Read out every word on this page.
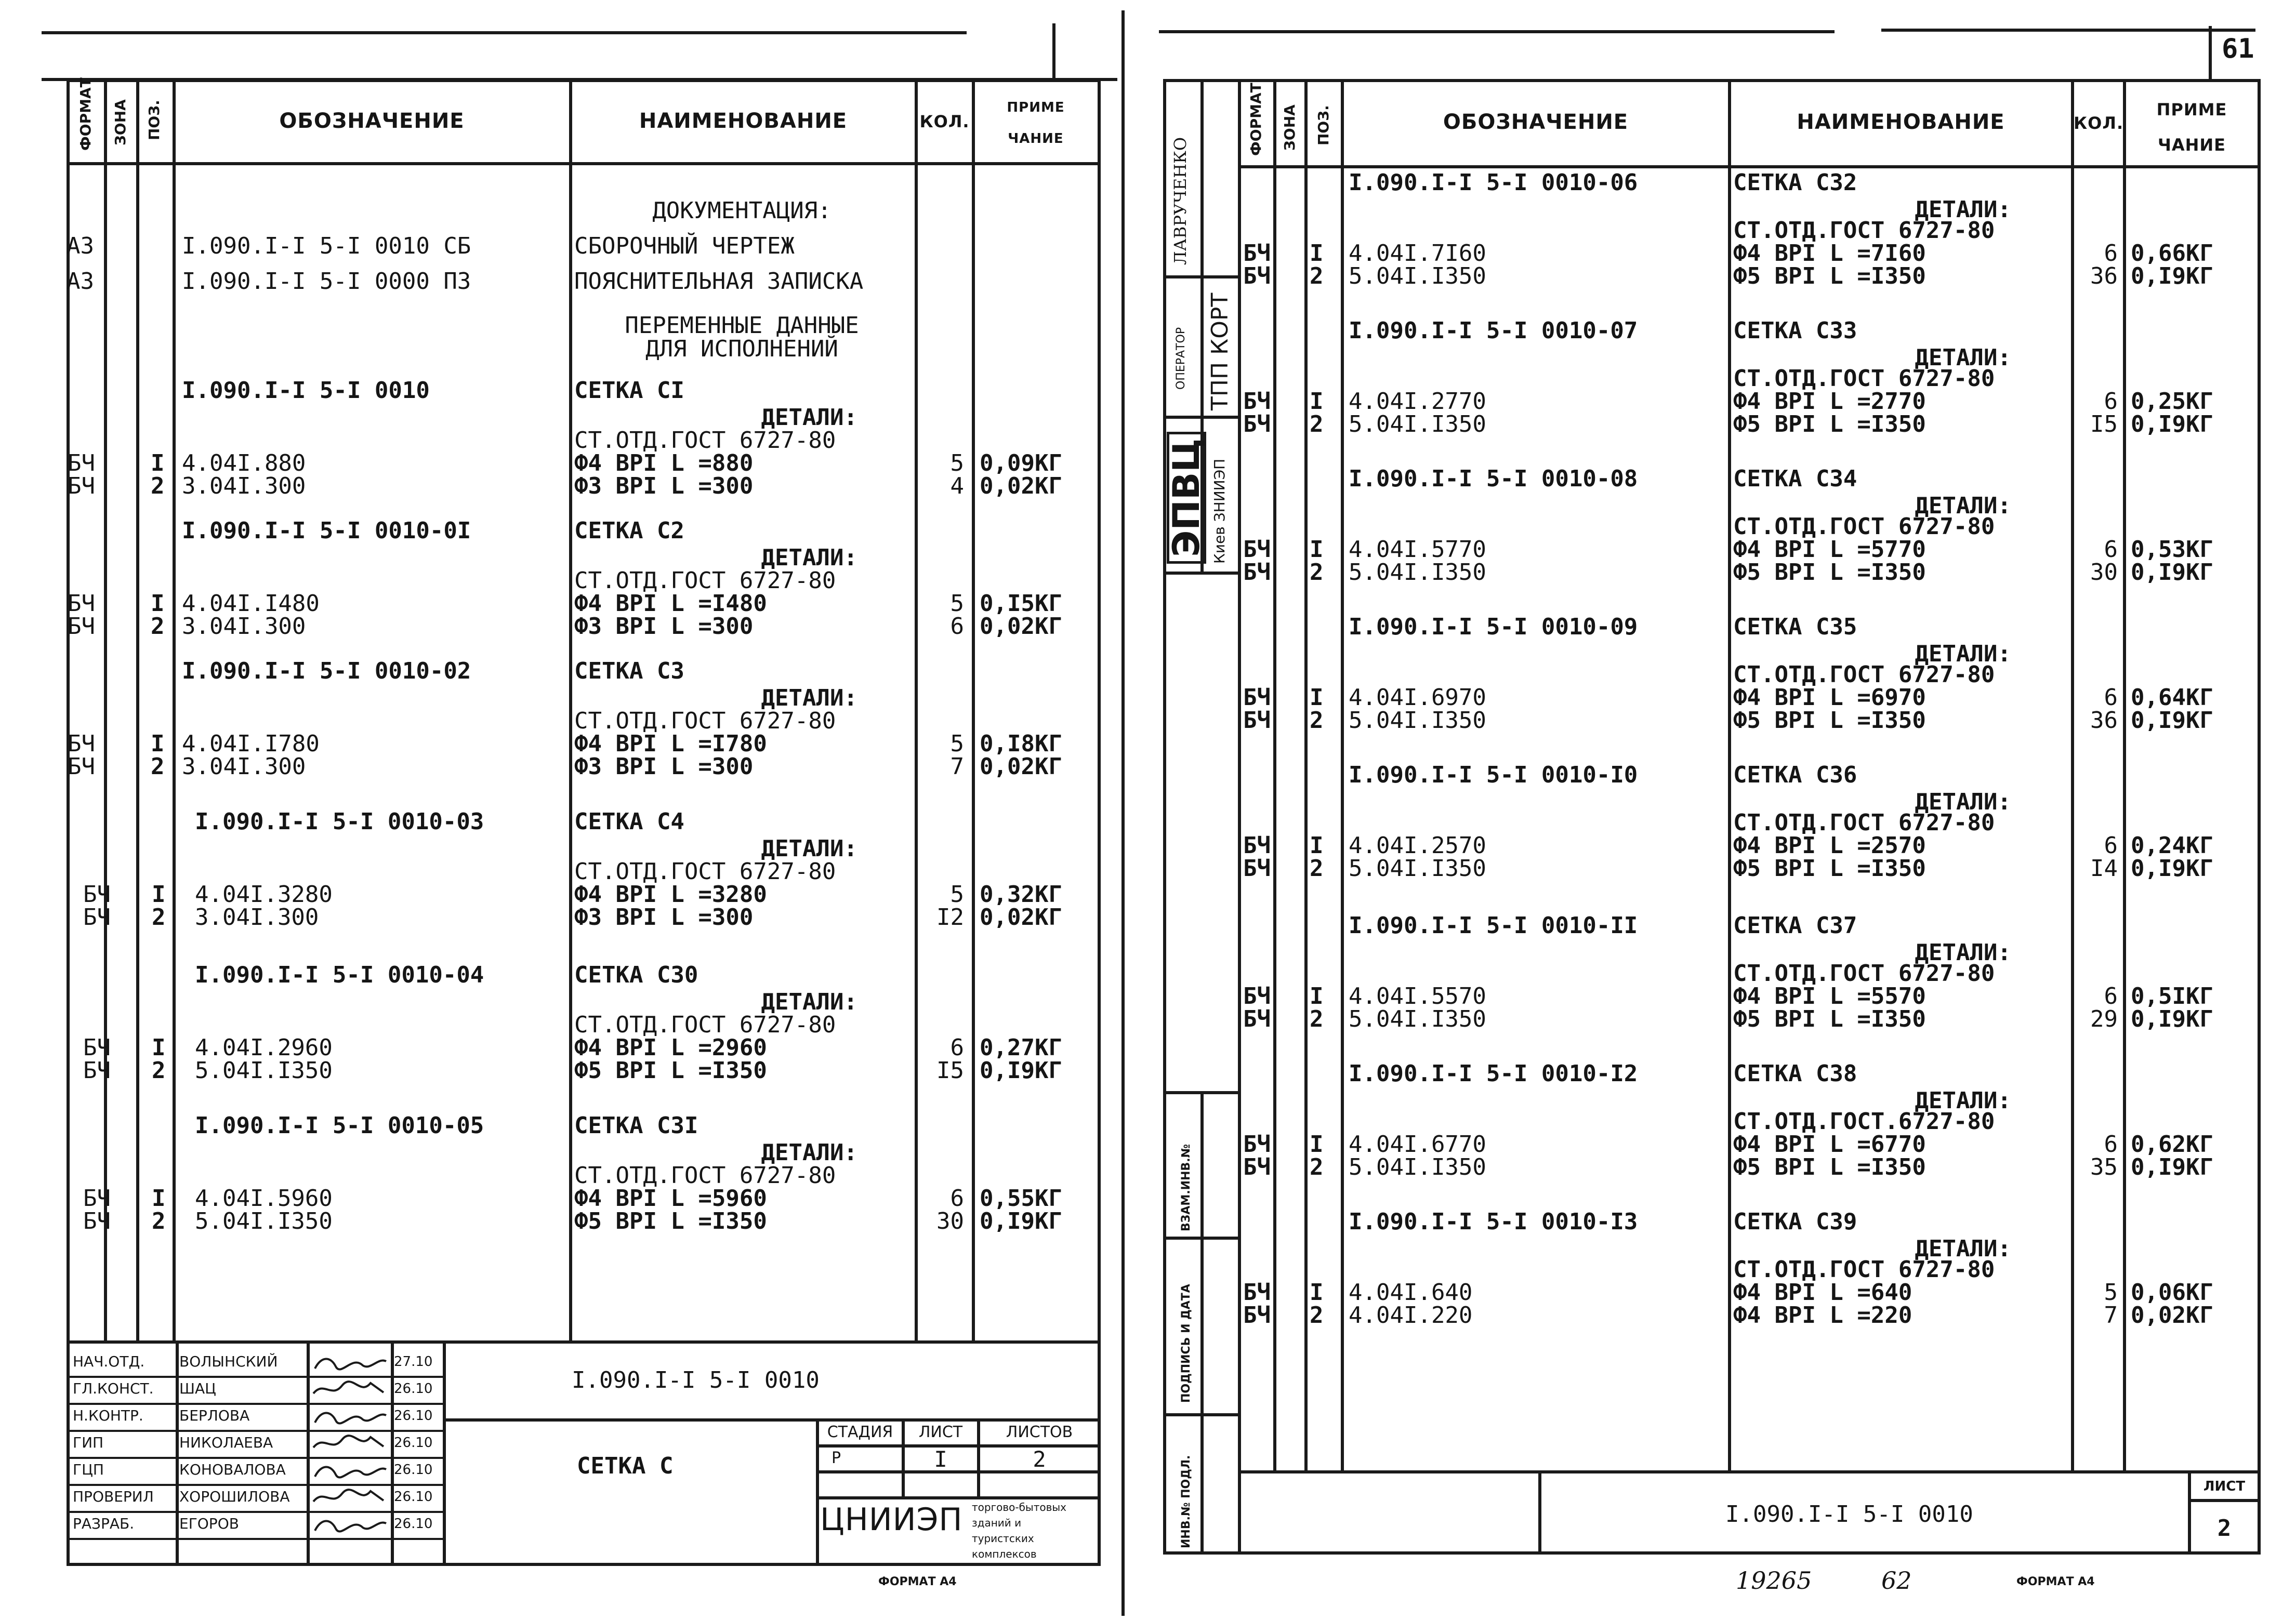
ФОРМАТ ЗОНА ПОЗ.	ОБОЗНАЧЕНИЕ	НАИМЕНОВАНИЕ	КОЛ.
ПРИМЕ
ЧАНИЕ
ДОКУМЕНТАЦИЯ:
А3	I.090.I-I 5-I 0010 СБ	СБОРОЧНЫЙ ЧЕРТЕЖ
А3	I.090.I-I 5-I 0000 ПЗ	ПОЯСНИТЕЛЬНАЯ ЗАПИСКА
ПЕРЕМЕННЫЕ ДАННЫЕ
ДЛЯ ИСПОЛНЕНИЙ
I.090.I-I 5-I 0010	СЕТКА СI
ДЕТАЛИ:
СТ.ОТД.ГОСТ 6727-80
БЧ I 4.04I.880	Ф4 ВРI L =880	5 0,09КГ
БЧ 2 3.04I.300	Ф3 ВРI L =300	4 0,02КГ
I.090.I-I 5-I 0010-0I	СЕТКА С2
ДЕТАЛИ:
СТ.ОТД.ГОСТ 6727-80
БЧ I 4.04I.I480	Ф4 ВРI L =I480	5 0,I5КГ
БЧ 2 3.04I.300	Ф3 ВРI L =300	6 0,02КГ
I.090.I-I 5-I 0010-02	СЕТКА С3
ДЕТАЛИ:
СТ.ОТД.ГОСТ 6727-80
БЧ I 4.04I.I780	Ф4 ВРI L =I780	5 0,I8КГ
БЧ 2 3.04I.300	Ф3 ВРI L =300	7 0,02КГ
I.090.I-I 5-I 0010-03	СЕТКА С4
ДЕТАЛИ:
СТ.ОТД.ГОСТ 6727-80
БЧ I 4.04I.3280	Ф4 ВРI L =3280	5 0,32КГ
БЧ 2 3.04I.300	Ф3 ВРI L =300	I2 0,02КГ
I.090.I-I 5-I 0010-04	СЕТКА С30
ДЕТАЛИ:
СТ.ОТД.ГОСТ 6727-80
БЧ I 4.04I.2960	Ф4 ВРI L =2960	6 0,27КГ
БЧ 2 5.04I.I350	Ф5 ВРI L =I350	I5 0,I9КГ
I.090.I-I 5-I 0010-05	СЕТКА С3I
ДЕТАЛИ:
СТ.ОТД.ГОСТ 6727-80
БЧ I 4.04I.5960	Ф4 ВРI L =5960	6 0,55КГ
БЧ 2 5.04I.I350	Ф5 ВРI L =I350	30 0,I9КГ
НАЧ.ОТД. ВОЛЫНСКИЙ	27.10
ГЛ.КОНСТ. ШАЦ	26.10
Н.КОНТР. БЕРЛОВА	26.10
ГИП	НИКОЛАЕВА	26.10
ГЦП	КОНОВАЛОВА	26.10
ПРОВЕРИЛ ХОРОШИЛОВА	26.10
РАЗРАБ.	ЕГОРОВ	26.10
I.090.I-I 5-I 0010
СЕТКА С
СТАДИЯ	ЛИСТ	ЛИСТОВ
Р	I	2
ЦНИИЭП торгово-бытовых
зданий и
туристских
комплексов
ФОРМАТ А4
61
ЛАВРУЧЕНКО
ОПЕРАТОР ТПП КОРТ
ЭПВЦ Киев ЗНИИЭП
ВЗАМ.ИНВ.№
ПОДПИСЬ И ДАТА
ИНВ.№ ПОДЛ.
ФОРМАТ ЗОНА ПОЗ.	ОБОЗНАЧЕНИЕ	НАИМЕНОВАНИЕ	КОЛ.
ПРИМЕ
ЧАНИЕ
I.090.I-I 5-I 0010-06	СЕТКА С32
ДЕТАЛИ:
СТ.ОТД.ГОСТ 6727-80
БЧ I 4.04I.7I60	Ф4 ВРI L =7I60	6 0,66КГ
БЧ 2 5.04I.I350	Ф5 ВРI L =I350	36 0,I9КГ
I.090.I-I 5-I 0010-07	СЕТКА С33
ДЕТАЛИ:
СТ.ОТД.ГОСТ 6727-80
БЧ I 4.04I.2770	Ф4 ВРI L =2770	6 0,25КГ
БЧ 2 5.04I.I350	Ф5 ВРI L =I350	I5 0,I9КГ
I.090.I-I 5-I 0010-08	СЕТКА С34
ДЕТАЛИ:
СТ.ОТД.ГОСТ 6727-80
БЧ I 4.04I.5770	Ф4 ВРI L =5770	6 0,53КГ
БЧ 2 5.04I.I350	Ф5 ВРI L =I350	30 0,I9КГ
I.090.I-I 5-I 0010-09	СЕТКА С35
ДЕТАЛИ:
СТ.ОТД.ГОСТ 6727-80
БЧ I 4.04I.6970	Ф4 ВРI L =6970	6 0,64КГ
БЧ 2 5.04I.I350	Ф5 ВРI L =I350	36 0,I9КГ
I.090.I-I 5-I 0010-I0	СЕТКА С36
ДЕТАЛИ:
СТ.ОТД.ГОСТ 6727-80
БЧ I 4.04I.2570	Ф4 ВРI L =2570	6 0,24КГ
БЧ 2 5.04I.I350	Ф5 ВРI L =I350	I4 0,I9КГ
I.090.I-I 5-I 0010-II	СЕТКА С37
ДЕТАЛИ:
СТ.ОТД.ГОСТ 6727-80
БЧ I 4.04I.5570	Ф4 ВРI L =5570	6 0,5IКГ
БЧ 2 5.04I.I350	Ф5 ВРI L =I350	29 0,I9КГ
I.090.I-I 5-I 0010-I2	СЕТКА С38
ДЕТАЛИ:
СТ.ОТД.ГОСТ.6727-80
БЧ I 4.04I.6770	Ф4 ВРI L =6770	6 0,62КГ
БЧ 2 5.04I.I350	Ф5 ВРI L =I350	35 0,I9КГ
I.090.I-I 5-I 0010-I3	СЕТКА С39
ДЕТАЛИ:
СТ.ОТД.ГОСТ 6727-80
БЧ I 4.04I.640	Ф4 ВРI L =640	5 0,06КГ
БЧ 2 4.04I.220	Ф4 ВРI L =220	7 0,02КГ
I.090.I-I 5-I 0010
ЛИСТ
2
19265	62	ФОРМАТ А4
